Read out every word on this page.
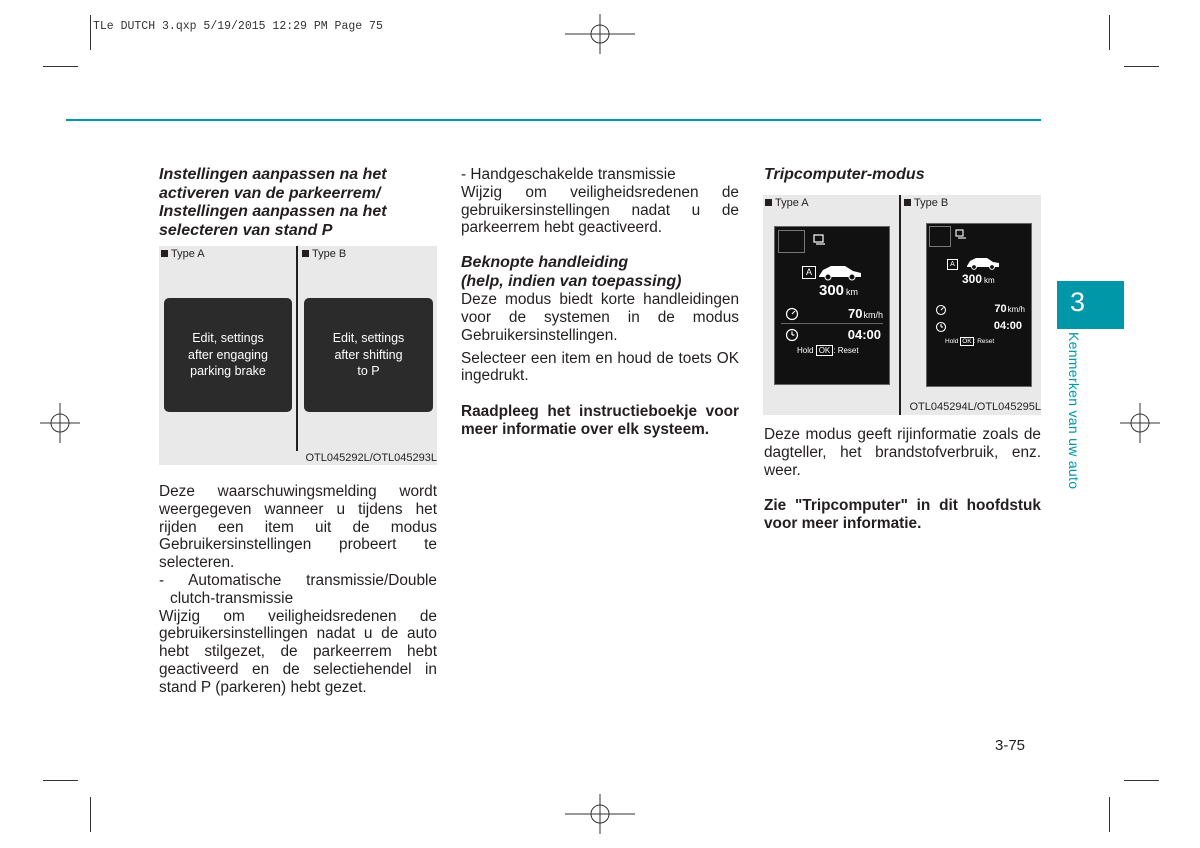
TLe DUTCH 3.qxp 5/19/2015 12:29 PM Page 75
Instellingen aanpassen na het
activeren van de parkeerrem/
Instellingen aanpassen na het
selecteren van stand P
Type A	Type B
Edit, settings
after engaging
parking brake
Edit, settings
after shifting
to P
OTL045292L/OTL045293L

Deze waarschuwingsmelding wordt weergegeven wanneer u tijdens het rijden een item uit de modus Gebruikersinstellingen probeert te selecteren.

- Automatische transmissie/Double clutch-transmissie

Wijzig om veiligheidsredenen de gebruikersinstellingen nadat u de auto hebt stilgezet, de parkeerrem hebt geactiveerd en de selectiehendel in stand P (parkeren) hebt gezet.

- Handgeschakelde transmissie

Wijzig om veiligheidsredenen de gebruikersinstellingen nadat u de parkeerrem hebt geactiveerd.

Beknopte handleiding
(help, indien van toepassing)

Deze modus biedt korte handleidingen voor de systemen in de modus Gebruikersinstellingen.

Selecteer een item en houd de toets OK ingedrukt.

Raadpleeg het instructieboekje voor meer informatie over elk systeem.

Tripcomputer-modus
Type A	Type B
A
300 km
70km/h
04:00
Hold OK : Reset
A
300 km
70km/h
04:00
Hold OK : Reset
OTL045294L/OTL045295L

Deze modus geeft rijinformatie zoals de dagteller, het brandstofverbruik, enz. weer.

Zie "Tripcomputer" in dit hoofdstuk voor meer informatie.

3
Kenmerken van uw auto
3-75
